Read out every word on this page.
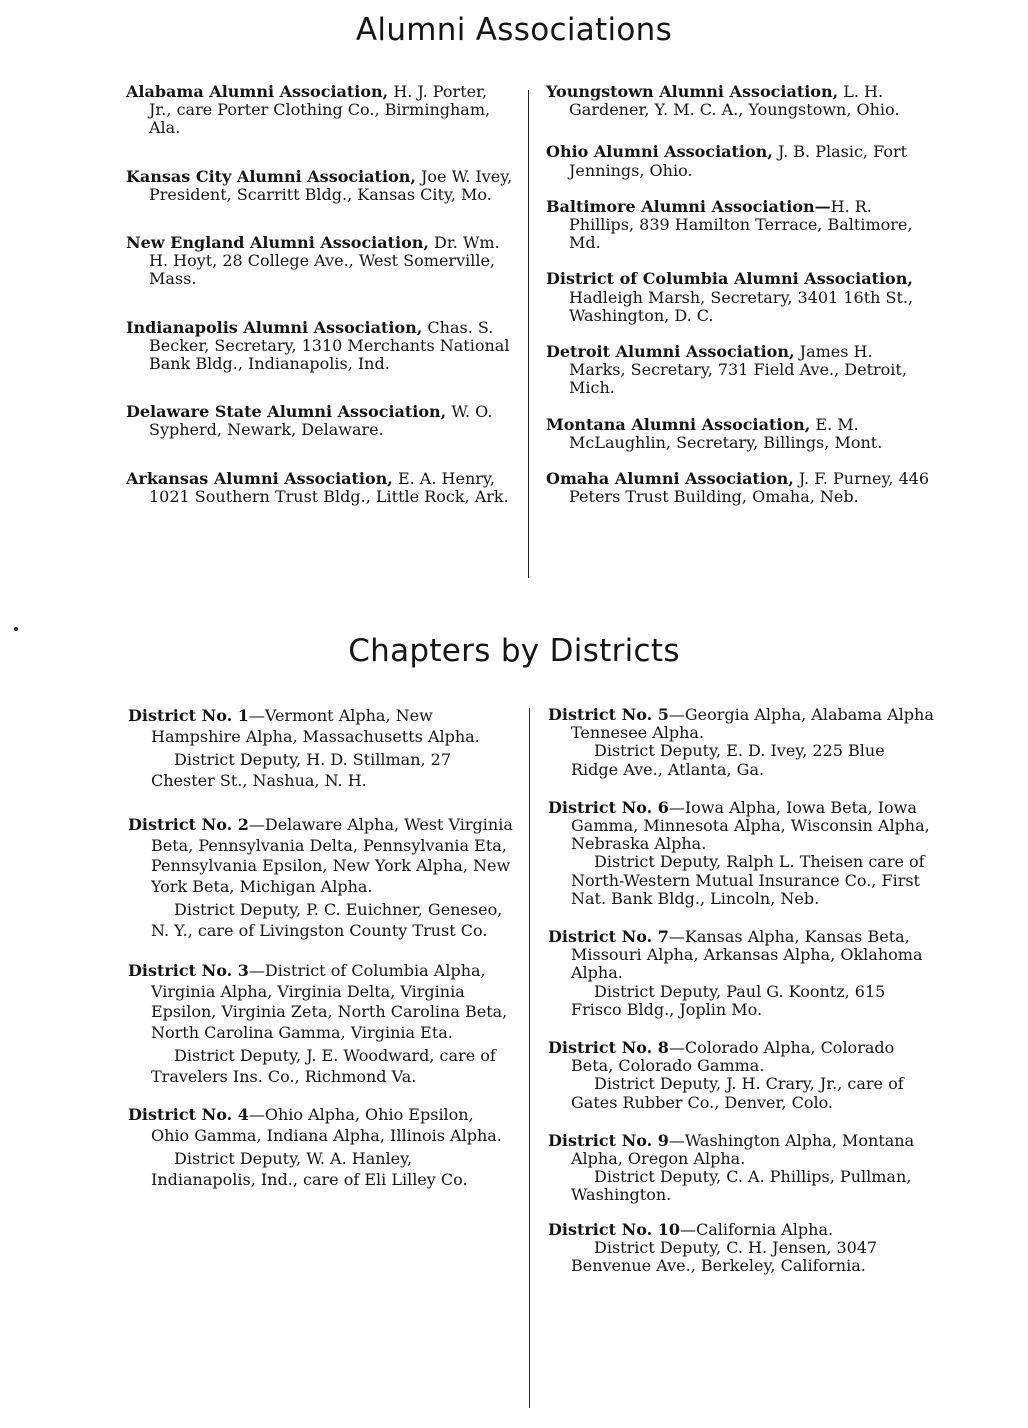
Alumni Associations

Alabama Alumni Association, H. J. Porter, Jr., care Porter Clothing Co., Birmingham, Ala.

Kansas City Alumni Association, Joe W. Ivey, President, Scarritt Bldg., Kansas City, Mo.

New England Alumni Association, Dr. Wm. H. Hoyt, 28 College Ave., West Somerville, Mass.

Indianapolis Alumni Association, Chas. S. Becker, Secretary, 1310 Merchants National Bank Bldg., Indianapolis, Ind.

Delaware State Alumni Association, W. O. Sypherd, Newark, Delaware.

Arkansas Alumni Association, E. A. Henry, 1021 Southern Trust Bldg., Little Rock, Ark.

Youngstown Alumni Association, L. H. Gardener, Y. M. C. A., Youngstown, Ohio.

Ohio Alumni Association, J. B. Plasic, Fort Jennings, Ohio.

Baltimore Alumni Association—H. R. Phillips, 839 Hamilton Terrace, Baltimore, Md.

District of Columbia Alumni Association, Hadleigh Marsh, Secretary, 3401 16th St., Washington, D. C.

Detroit Alumni Association, James H. Marks, Secretary, 731 Field Ave., Detroit, Mich.

Montana Alumni Association, E. M. McLaughlin, Secretary, Billings, Mont.

Omaha Alumni Association, J. F. Purney, 446 Peters Trust Building, Omaha, Neb.

Chapters by Districts

District No. 1—Vermont Alpha, New Hampshire Alpha, Massachusetts Alpha.

District Deputy, H. D. Stillman, 27 Chester St., Nashua, N. H.

District No. 2—Delaware Alpha, West Virginia Beta, Pennsylvania Delta, Pennsylvania Eta, Pennsylvania Epsilon, New York Alpha, New York Beta, Michigan Alpha.

District Deputy, P. C. Euichner, Geneseo, N. Y., care of Livingston County Trust Co.

District No. 3—District of Columbia Alpha, Virginia Alpha, Virginia Delta, Virginia Epsilon, Virginia Zeta, North Carolina Beta, North Carolina Gamma, Virginia Eta.

District Deputy, J. E. Woodward, care of Travelers Ins. Co., Richmond Va.

District No. 4—Ohio Alpha, Ohio Epsilon, Ohio Gamma, Indiana Alpha, Illinois Alpha.

District Deputy, W. A. Hanley, Indianapolis, Ind., care of Eli Lilley Co.

District No. 5—Georgia Alpha, Alabama Alpha Tennesee Alpha.

District Deputy, E. D. Ivey, 225 Blue Ridge Ave., Atlanta, Ga.

District No. 6—Iowa Alpha, Iowa Beta, Iowa Gamma, Minnesota Alpha, Wisconsin Alpha, Nebraska Alpha.

District Deputy, Ralph L. Theisen care of North-Western Mutual Insurance Co., First Nat. Bank Bldg., Lincoln, Neb.

District No. 7—Kansas Alpha, Kansas Beta, Missouri Alpha, Arkansas Alpha, Oklahoma Alpha.

District Deputy, Paul G. Koontz, 615 Frisco Bldg., Joplin Mo.

District No. 8—Colorado Alpha, Colorado Beta, Colorado Gamma.

District Deputy, J. H. Crary, Jr., care of Gates Rubber Co., Denver, Colo.

District No. 9—Washington Alpha, Montana Alpha, Oregon Alpha.

District Deputy, C. A. Phillips, Pullman, Washington.

District No. 10—California Alpha.

District Deputy, C. H. Jensen, 3047 Benvenue Ave., Berkeley, California.
